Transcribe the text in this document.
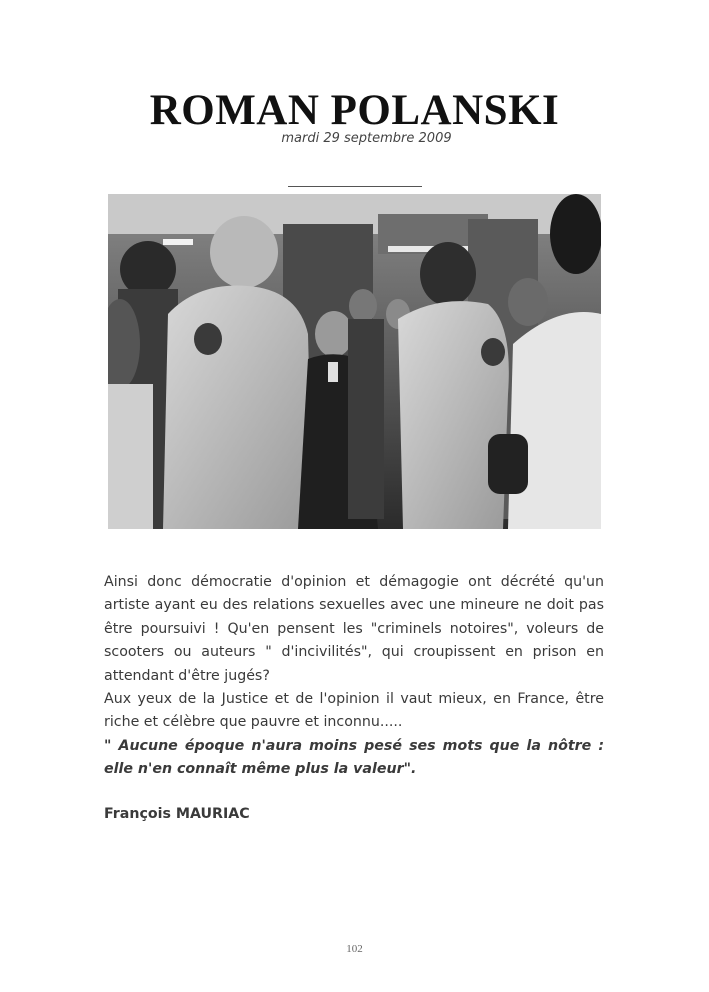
ROMAN POLANSKI
mardi 29 septembre 2009

Ainsi donc démocratie d'opinion et démagogie ont décrété qu'un artiste ayant eu des relations sexuelles avec une mineure ne doit pas être poursuivi ! Qu'en pensent les "criminels notoires", voleurs de scooters ou auteurs " d'incivilités", qui croupissent en prison en attendant d'être jugés?

Aux yeux de la Justice et de l'opinion il vaut mieux, en France, être riche et célèbre que pauvre et inconnu.....

" Aucune époque n'aura moins pesé ses mots que la nôtre : elle n'en connaît même plus la valeur".

François MAURIAC
102
